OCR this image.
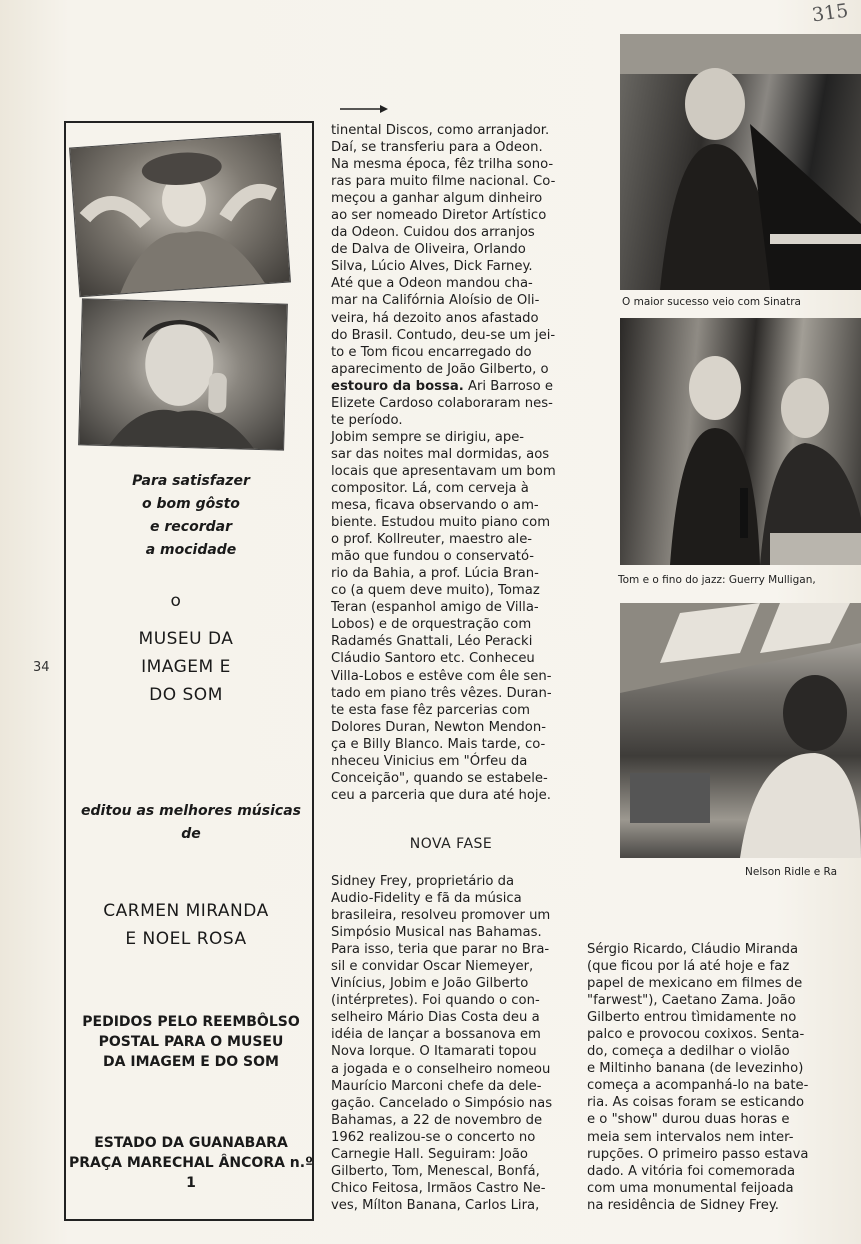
315
34
Para satisfazer
o bom gôsto
e recordar
a mocidade
o
MUSEU DA
IMAGEM E
DO SOM
editou as melhores músicas
de
CARMEN MIRANDA
E NOEL ROSA
PEDIDOS PELO REEMBÔLSO
POSTAL PARA O MUSEU
DA IMAGEM E DO SOM
ESTADO DA GUANABARA
PRAÇA MARECHAL ÂNCORA n.º 1

tinental Discos, como arranjador.

Daí, se transferiu para a Odeon.

Na mesma época, fêz trilha sono-

ras para muito filme nacional. Co-

meçou a ganhar algum dinheiro

ao ser nomeado Diretor Artístico

da Odeon. Cuidou dos arranjos

de Dalva de Oliveira, Orlando

Silva, Lúcio Alves, Dick Farney.

Até que a Odeon mandou cha-

mar na Califórnia Aloísio de Oli-

veira, há dezoito anos afastado

do Brasil. Contudo, deu-se um jei-

to e Tom ficou encarregado do

aparecimento de João Gilberto, o

estouro da bossa. Ari Barroso e

Elizete Cardoso colaboraram nes-

te período.

Jobim sempre se dirigiu, ape-

sar das noites mal dormidas, aos

locais que apresentavam um bom

compositor. Lá, com cerveja à

mesa, ficava observando o am-

biente. Estudou muito piano com

o prof. Kollreuter, maestro ale-

mão que fundou o conservató-

rio da Bahia, a prof. Lúcia Bran-

co (a quem deve muito), Tomaz

Teran (espanhol amigo de Villa-

Lobos) e de orquestração com

Radamés Gnattali, Léo Peracki

Cláudio Santoro etc. Conheceu

Villa-Lobos e estêve com êle sen-

tado em piano três vêzes. Duran-

te esta fase fêz parcerias com

Dolores Duran, Newton Mendon-

ça e Billy Blanco. Mais tarde, co-

nheceu Vinicius em "Órfeu da

Conceição", quando se estabele-

ceu a parceria que dura até hoje.

NOVA FASE

Sidney Frey, proprietário da

Audio-Fidelity e fã da música

brasileira, resolveu promover um

Simpósio Musical nas Bahamas.

Para isso, teria que parar no Bra-

sil e convidar Oscar Niemeyer,

Vinícius, Jobim e João Gilberto

(intérpretes). Foi quando o con-

selheiro Mário Dias Costa deu a

idéia de lançar a bossanova em

Nova Iorque. O Itamarati topou

a jogada e o conselheiro nomeou

Maurício Marconi chefe da dele-

gação. Cancelado o Simpósio nas

Bahamas, a 22 de novembro de

1962 realizou-se o concerto no

Carnegie Hall. Seguiram: João

Gilberto, Tom, Menescal, Bonfá,

Chico Feitosa, Irmãos Castro Ne-

ves, Mílton Banana, Carlos Lira,

Sérgio Ricardo, Cláudio Miranda

(que ficou por lá até hoje e faz

papel de mexicano em filmes de

"farwest"), Caetano Zama. João

Gilberto entrou tìmidamente no

palco e provocou coxixos. Senta-

do, começa a dedilhar o violão

e Miltinho banana (de levezinho)

começa a acompanhá-lo na bate-

ria. As coisas foram se esticando

e o "show" durou duas horas e

meia sem intervalos nem inter-

rupções. O primeiro passo estava

dado. A vitória foi comemorada

com uma monumental feijoada

na residência de Sidney Frey.

O maior sucesso veio com Sinatra
Tom e o fino do jazz: Guerry Mulligan,
Nelson Ridle e Ra
